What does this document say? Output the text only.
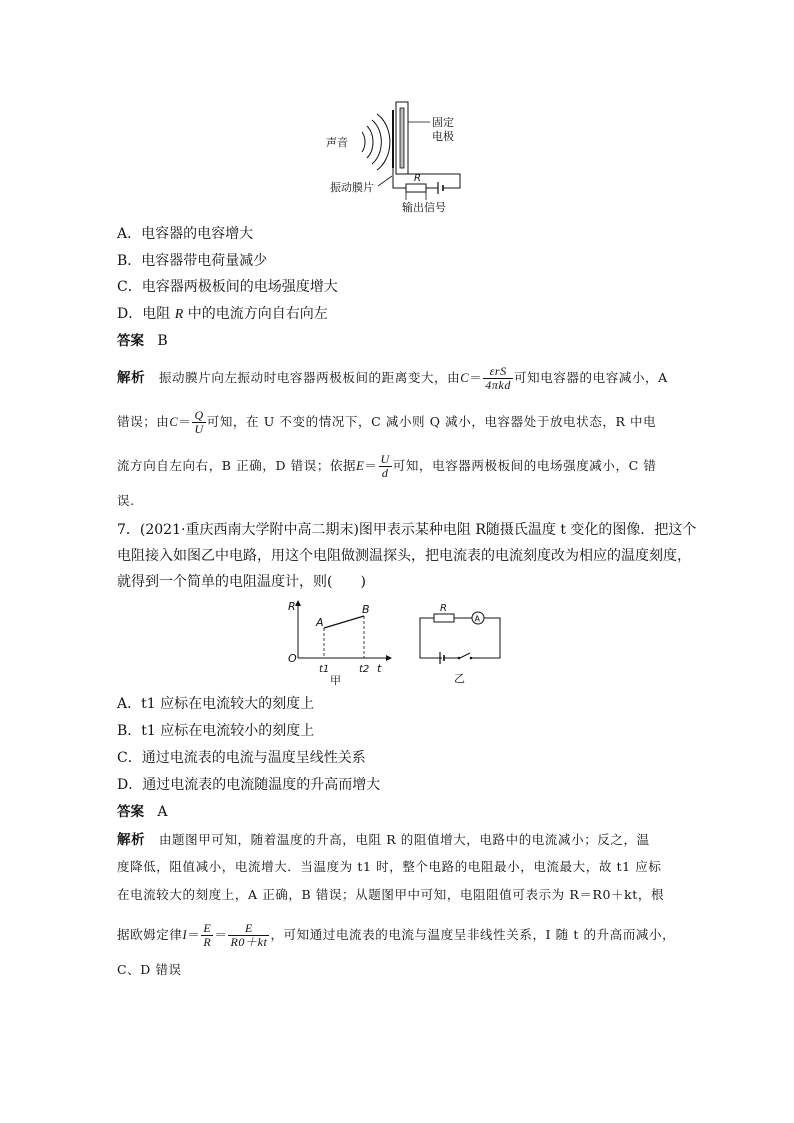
声音
固定
电极
R
振动膜片
输出信号
A．电容器的电容增大
B．电容器带电荷量减少
C．电容器两极板间的电场强度增大
D．电阻 R 中的电流方向自右向左
答案 B
解析 振动膜片向左振动时电容器两极板间的距离变大，由$C= \frac{\text{εrS}}{\text{4πkd}}$ 可知电容器的电容减小，A
错误；由$C= \frac{Q}{U}$ 可知，在 U 不变的情况下，C 减小则 Q 减小，电容器处于放电状态，R 中电
流方向自左向右，B 正确，D 错误；依据$E= \frac{U}{d}$ 可知，电容器两极板间的电场强度减小，C 错
误.
7．(2021·重庆西南大学附中高二期末)图甲表示某种电阻 R随摄氏温度 t 变化的图像．把这个
电阻接入如图乙中电路，用这个电阻做测温探头，把电流表的电流刻度改为相应的温度刻度，
就得到一个简单的电阻温度计，则(　　)
R
t
O
A
B
t1	t2
甲
A
R
乙
A．t1 应标在电流较大的刻度上
B．t1 应标在电流较小的刻度上
C．通过电流表的电流与温度呈线性关系
D．通过电流表的电流随温度的升高而增大
答案 A
解析 由题图甲可知，随着温度的升高，电阻 R 的阻值增大，电路中的电流减小；反之，温
度降低，阻值减小，电流增大．当温度为 t1 时，整个电路的电阻最小，电流最大，故 t1 应标
在电流较大的刻度上，A 正确，B 错误；从题图甲中可知，电阻阻值可表示为 R＝R0＋kt，根
据欧姆定律$I= \frac{E}{R} = \frac{E}{R0+kt}$ ，可知通过电流表的电流与温度呈非线性关系，I 随 t 的升高而减小，
C、D 错误
